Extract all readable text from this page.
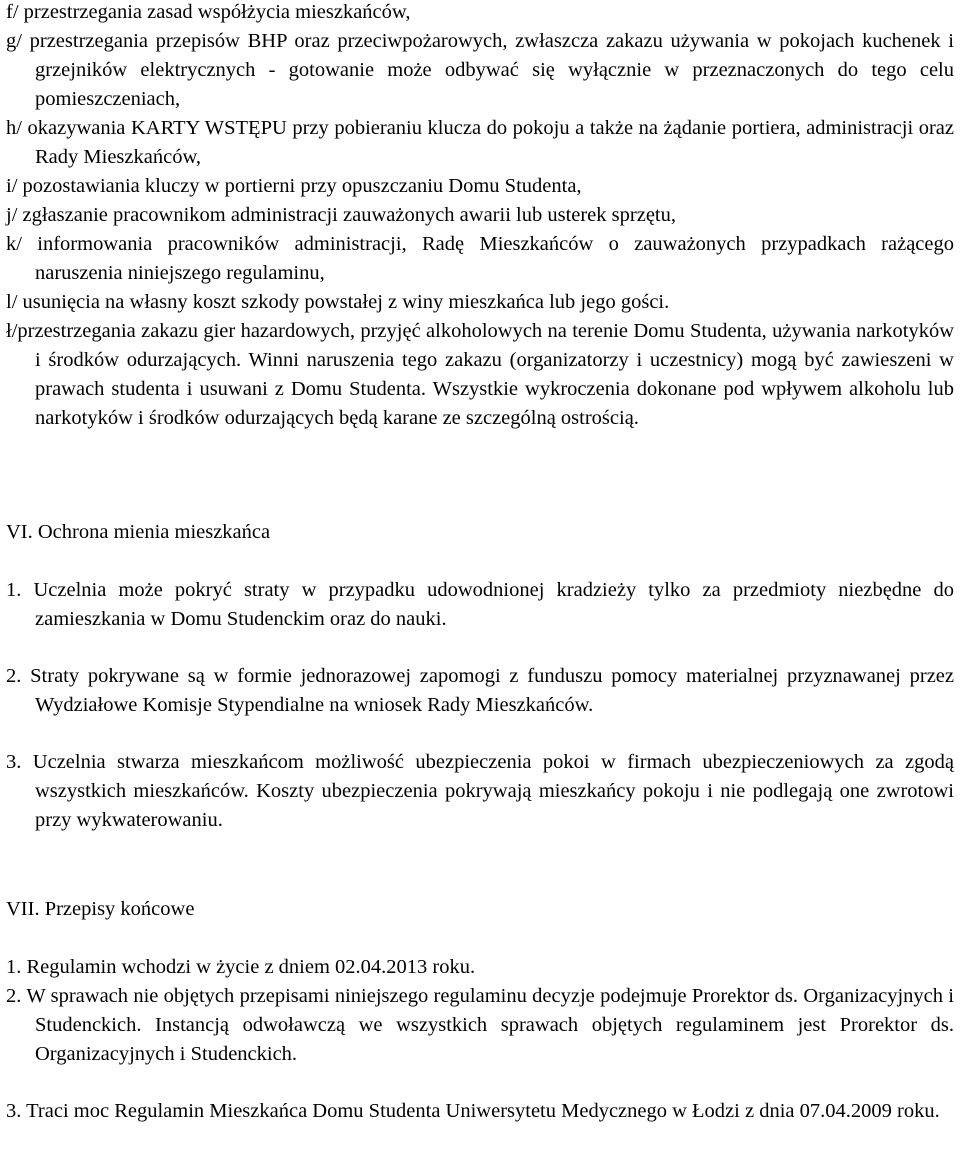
f/ przestrzegania zasad współżycia mieszkańców,
g/ przestrzegania przepisów BHP oraz przeciwpożarowych, zwłaszcza zakazu używania w pokojach kuchenek i grzejników elektrycznych - gotowanie może odbywać się wyłącznie w przeznaczonych do tego celu pomieszczeniach,
h/ okazywania KARTY WSTĘPU przy pobieraniu klucza do pokoju a także na żądanie portiera, administracji oraz Rady Mieszkańców,
i/ pozostawiania kluczy w portierni przy opuszczaniu Domu Studenta,
j/ zgłaszanie pracownikom administracji zauważonych awarii lub usterek sprzętu,
k/ informowania pracowników administracji, Radę Mieszkańców o zauważonych przypadkach rażącego naruszenia niniejszego regulaminu,
l/ usunięcia na własny koszt szkody powstałej z winy mieszkańca lub jego gości.
ł/przestrzegania zakazu gier hazardowych, przyjęć alkoholowych na terenie Domu Studenta, używania narkotyków i środków odurzających. Winni naruszenia tego zakazu (organizatorzy i uczestnicy) mogą być zawieszeni w prawach studenta i usuwani z Domu Studenta. Wszystkie wykroczenia dokonane pod wpływem alkoholu lub narkotyków i środków odurzających będą karane ze szczególną ostrością.
VI. Ochrona mienia mieszkańca
1. Uczelnia może pokryć straty w przypadku udowodnionej kradzieży tylko za przedmioty niezbędne do zamieszkania w Domu Studenckim oraz do nauki.
2. Straty pokrywane są w formie jednorazowej zapomogi z funduszu pomocy materialnej przyznawanej przez Wydziałowe Komisje Stypendialne na wniosek Rady Mieszkańców.
3. Uczelnia stwarza mieszkańcom możliwość ubezpieczenia pokoi w firmach ubezpieczeniowych za zgodą wszystkich mieszkańców. Koszty ubezpieczenia pokrywają mieszkańcy pokoju i nie podlegają one zwrotowi przy wykwaterowaniu.
VII. Przepisy końcowe
1. Regulamin wchodzi w życie z dniem 02.04.2013 roku.
2. W sprawach nie objętych przepisami niniejszego regulaminu decyzje podejmuje Prorektor ds. Organizacyjnych i Studenckich. Instancją odwoławczą we wszystkich sprawach objętych regulaminem jest Prorektor ds. Organizacyjnych i Studenckich.
3. Traci moc Regulamin Mieszkańca Domu Studenta Uniwersytetu Medycznego w Łodzi z dnia 07.04.2009 roku.
